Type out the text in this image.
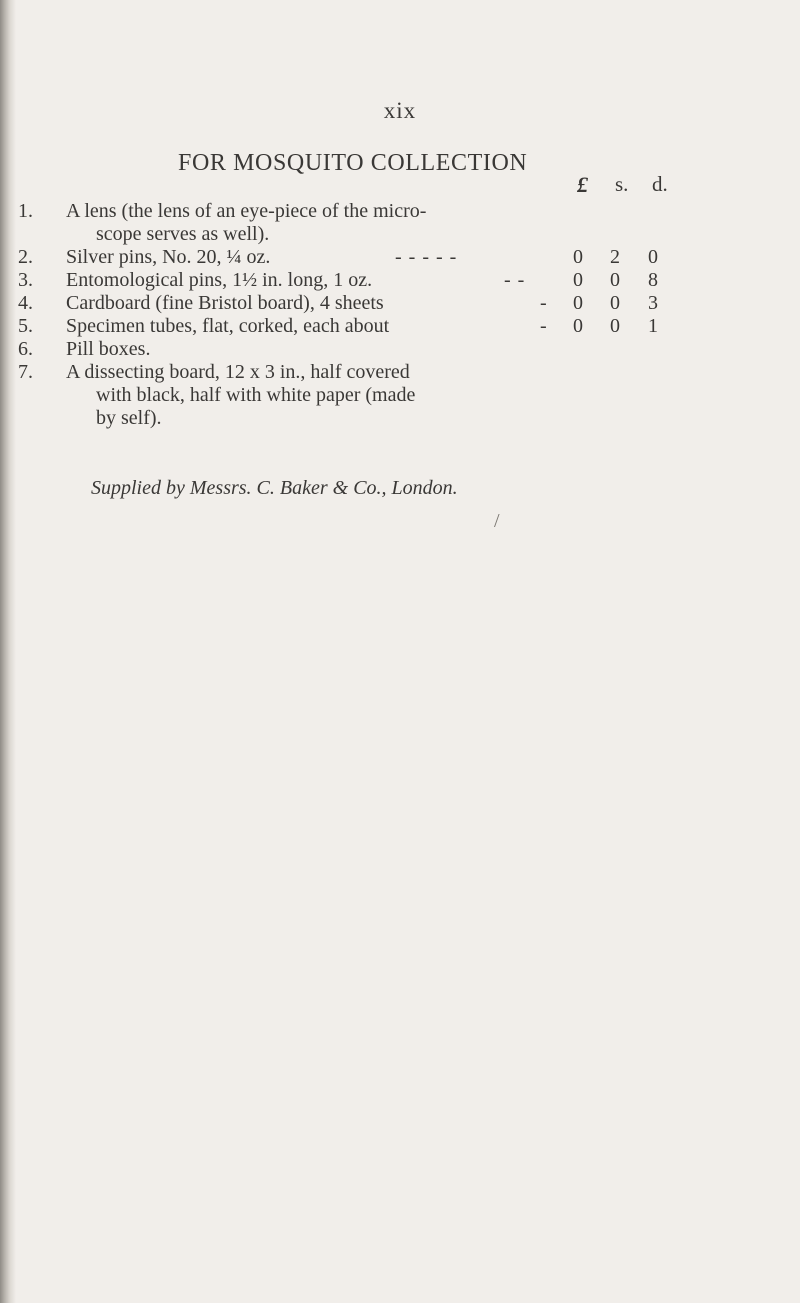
xix
FOR MOSQUITO COLLECTION
£ s. d.
1.	A lens (the lens of an eye-piece of the micro-
scope serves as well).
2.	Silver pins, No. 20, ¼ oz.	- - - - -	0 2 0
3.	Entomological pins, 1½ in. long, 1 oz.	- - 0 0 8
4.	Cardboard (fine Bristol board), 4 sheets	- 0 0 3
5.	Specimen tubes, flat, corked, each about	- 0 0 1
6.	Pill boxes.
7.	A dissecting board, 12 x 3 in., half covered
with black, half with white paper (made
by self).
Supplied by Messrs. C. Baker & Co., London.
/
